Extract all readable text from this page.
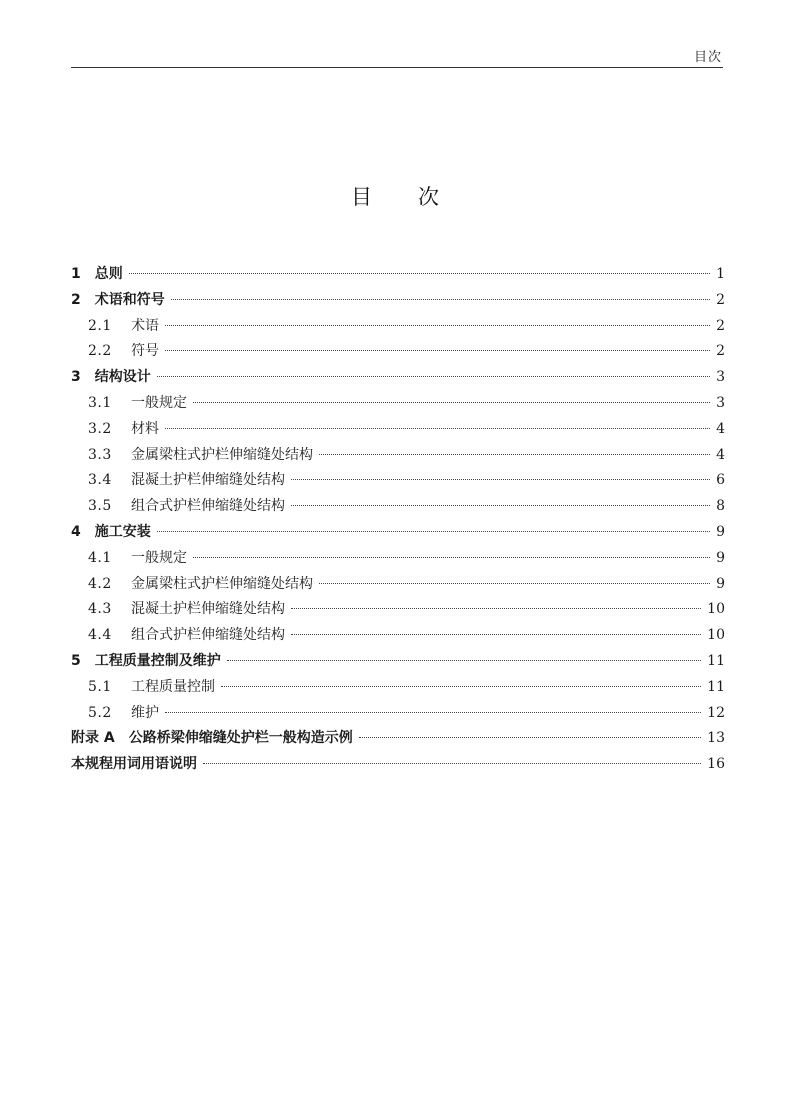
目次
目 次
1 总则	1
2 术语和符号	2
2.1	术语	2
2.2	符号	2
3 结构设计	3
3.1	一般规定	3
3.2	材料	4
3.3	金属梁柱式护栏伸缩缝处结构	4
3.4	混凝土护栏伸缩缝处结构	6
3.5	组合式护栏伸缩缝处结构	8
4 施工安装	9
4.1	一般规定	9
4.2	金属梁柱式护栏伸缩缝处结构	9
4.3	混凝土护栏伸缩缝处结构	10
4.4	组合式护栏伸缩缝处结构	10
5 工程质量控制及维护	11
5.1	工程质量控制	11
5.2	维护	12
附录 A 公路桥梁伸缩缝处护栏一般构造示例	13
本规程用词用语说明	16
